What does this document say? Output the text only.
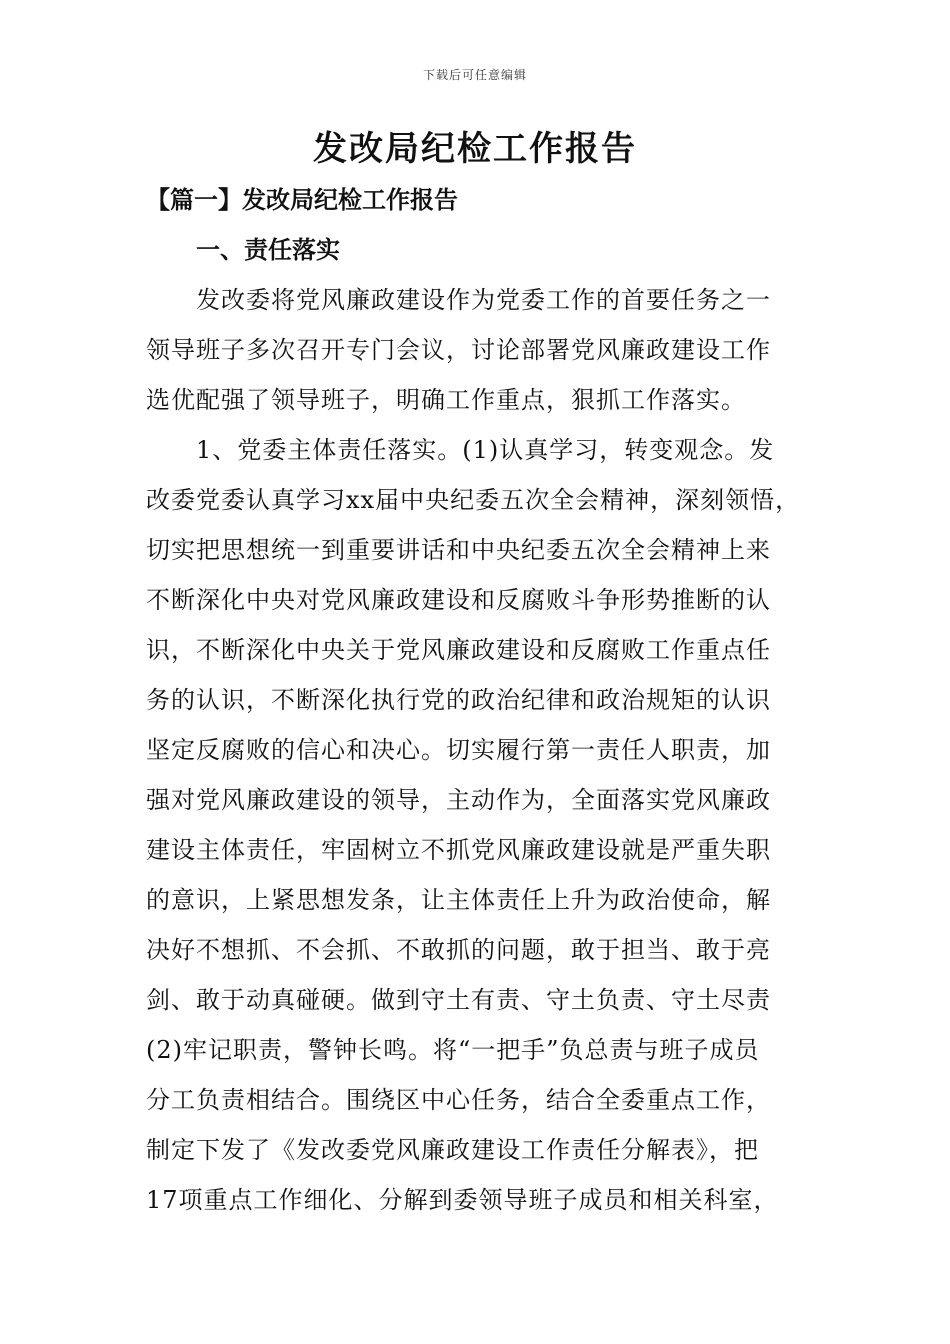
下载后可任意编辑
发改局纪检工作报告
【篇一】发改局纪检工作报告
一、责任落实
发改委将党风廉政建设作为党委工作的首要任务之一
领导班子多次召开专门会议，讨论部署党风廉政建设工作
选优配强了领导班子，明确工作重点，狠抓工作落实。
1、党委主体责任落实。(1)认真学习，转变观念。发
改委党委认真学习xx届中央纪委五次全会精神，深刻领悟，
切实把思想统一到重要讲话和中央纪委五次全会精神上来
不断深化中央对党风廉政建设和反腐败斗争形势推断的认
识，不断深化中央关于党风廉政建设和反腐败工作重点任
务的认识，不断深化执行党的政治纪律和政治规矩的认识
坚定反腐败的信心和决心。切实履行第一责任人职责，加
强对党风廉政建设的领导，主动作为，全面落实党风廉政
建设主体责任，牢固树立不抓党风廉政建设就是严重失职
的意识，上紧思想发条，让主体责任上升为政治使命，解
决好不想抓、不会抓、不敢抓的问题，敢于担当、敢于亮
剑、敢于动真碰硬。做到守土有责、守土负责、守土尽责
(2)牢记职责，警钟长鸣。将“一把手”负总责与班子成员
分工负责相结合。围绕区中心任务，结合全委重点工作，
制定下发了《发改委党风廉政建设工作责任分解表》，把
17项重点工作细化、分解到委领导班子成员和相关科室，
